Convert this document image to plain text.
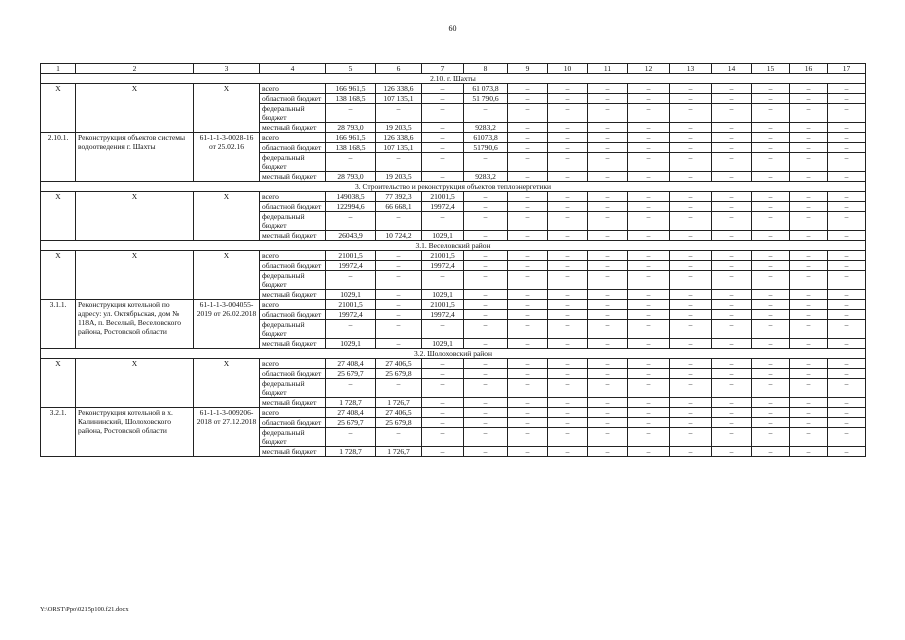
60
1	2	3	4	5	6	7	8	9	10	11	12	13	14	15	16	17
2.10. г. Шахты																
Х	Х	Х	всего	166 961,5	126 338,6	–	61 073,8	–	–	–	–	–	–	–	–	–
			областной бюджет	138 168,5	107 135,1	–	51 790,6	–	–	–	–	–	–	–	–	–
			федеральный бюджет	–	–	–	–	–	–	–	–	–	–	–	–	–
			местный бюджет	28 793,0	19 203,5	–	9283,2	–	–	–	–	–	–	–	–	–
2.10.1.	Реконструкция объектов системы водоотведения г. Шахты	61-1-1-3-0028-16 от 25.02.16	всего	166 961,5	126 338,6	–	61073,8	–	–	–	–	–	–	–	–	–
			областной бюджет	138 168,5	107 135,1	–	51790,6	–	–	–	–	–	–	–	–	–
			федеральный бюджет	–	–	–	–	–	–	–	–	–	–	–	–	–
			местный бюджет	28 793,0	19 203,5	–	9283,2	–	–	–	–	–	–	–	–	–
3. Строительство и реконструкция объектов теплоэнергетики																
Х	Х	Х	всего	149038,5	77 392,3	21001,5	–	–	–	–	–	–	–	–	–	–
			областной бюджет	122994,6	66 668,1	19972,4	–	–	–	–	–	–	–	–	–	–
			федеральный бюджет	–	–	–	–	–	–	–	–	–	–	–	–	–
			местный бюджет	26043,9	10 724,2	1029,1	–	–	–	–	–	–	–	–	–	–
3.1. Веселовский район																
Х	Х	Х	всего	21001,5	–	21001,5	–	–	–	–	–	–	–	–	–	–
			областной бюджет	19972,4	–	19972,4	–	–	–	–	–	–	–	–	–	–
			федеральный бюджет	–	–	–	–	–	–	–	–	–	–	–	–	–
			местный бюджет	1029,1	–	1029,1	–	–	–	–	–	–	–	–	–	–
3.1.1.	Реконструкция котельной по адресу: ул. Октябрьская, дом № 118А, п. Веселый, Веселовского района, Ростовской области	61-1-1-3-004055-2019 от 26.02.2018	всего	21001,5	–	21001,5	–	–	–	–	–	–	–	–	–	–
			областной бюджет	19972,4	–	19972,4	–	–	–	–	–	–	–	–	–	–
			федеральный бюджет	–	–	–	–	–	–	–	–	–	–	–	–	–
			местный бюджет	1029,1	–	1029,1	–	–	–	–	–	–	–	–	–	–
3.2. Шолоховский район																
Х	Х	Х	всего	27 408,4	27 406,5	–	–	–	–	–	–	–	–	–	–	–
			областной бюджет	25 679,7	25 679,8	–	–	–	–	–	–	–	–	–	–	–
			федеральный бюджет	–	–	–	–	–	–	–	–	–	–	–	–	–
			местный бюджет	1 728,7	1 726,7	–	–	–	–	–	–	–	–	–	–	–
3.2.1.	Реконструкция котельной в х. Калининский, Шолоховского района, Ростовской области	61-1-1-3-009206-2018 от 27.12.2018	всего	27 408,4	27 406,5	–	–	–	–	–	–	–	–	–	–	–
			областной бюджет	25 679,7	25 679,8	–	–	–	–	–	–	–	–	–	–	–
			федеральный бюджет	–	–	–	–	–	–	–	–	–	–	–	–	–
			местный бюджет	1 728,7	1 726,7	–	–	–	–	–	–	–	–	–	–	–
Y:\ORST\Ppo\0215p100.f21.docx
